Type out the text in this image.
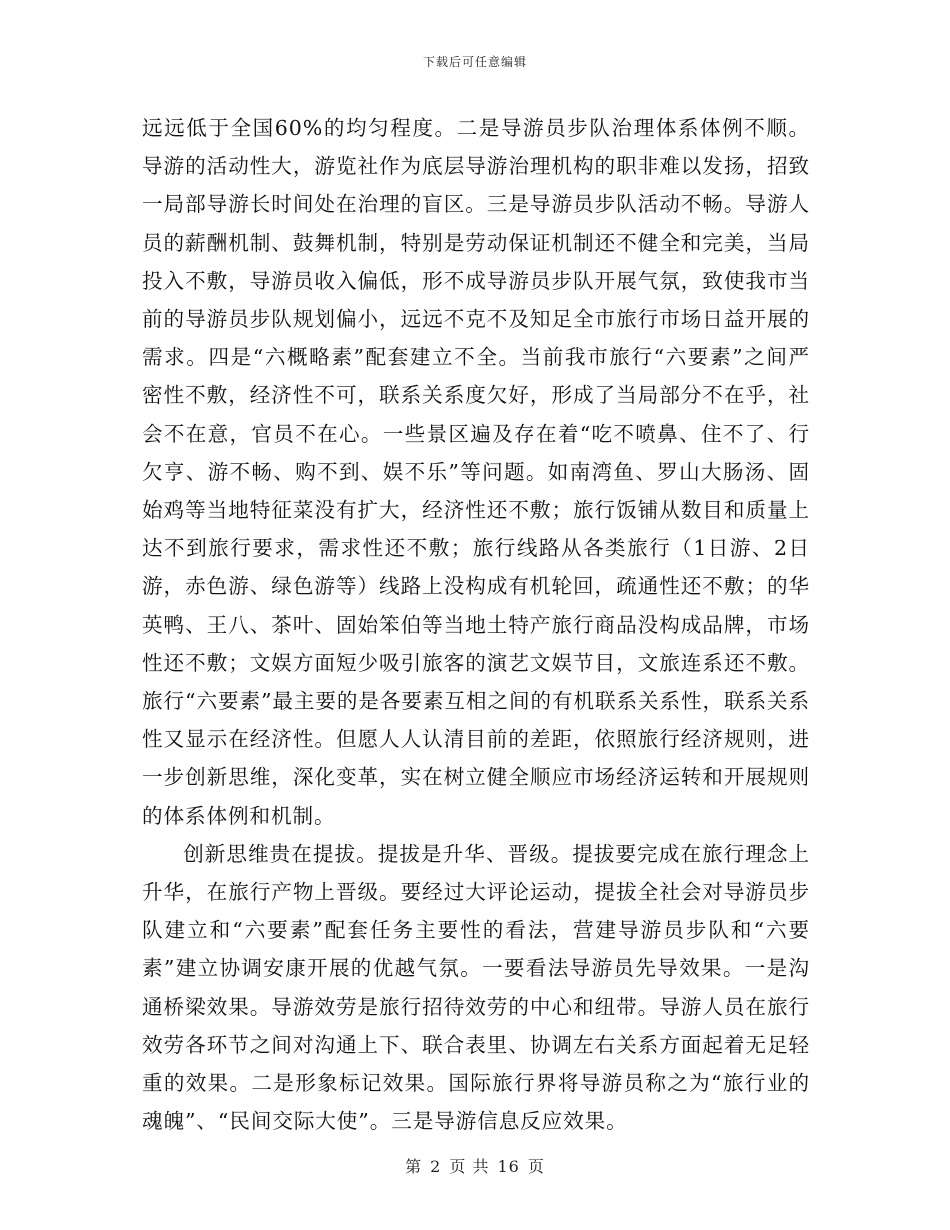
下载后可任意编辑

远远低于全国60%的均匀程度。二是导游员步队治理体系体例不顺。导游的活动性大，游览社作为底层导游治理机构的职非难以发扬，招致一局部导游长时间处在治理的盲区。三是导游员步队活动不畅。导游人员的薪酬机制、鼓舞机制，特别是劳动保证机制还不健全和完美，当局投入不敷，导游员收入偏低，形不成导游员步队开展气氛，致使我市当前的导游员步队规划偏小，远远不克不及知足全市旅行市场日益开展的需求。四是“六概略素”配套建立不全。当前我市旅行“六要素”之间严密性不敷，经济性不可，联系关系度欠好，形成了当局部分不在乎，社会不在意，官员不在心。一些景区遍及存在着“吃不喷鼻、住不了、行欠亨、游不畅、购不到、娱不乐”等问题。如南湾鱼、罗山大肠汤、固始鸡等当地特征菜没有扩大，经济性还不敷；旅行饭铺从数目和质量上达不到旅行要求，需求性还不敷；旅行线路从各类旅行（1日游、2日游，赤色游、绿色游等）线路上没构成有机轮回，疏通性还不敷；的华英鸭、王八、茶叶、固始笨伯等当地土特产旅行商品没构成品牌，市场性还不敷；文娱方面短少吸引旅客的演艺文娱节目，文旅连系还不敷。旅行“六要素”最主要的是各要素互相之间的有机联系关系性，联系关系性又显示在经济性。但愿人人认清目前的差距，依照旅行经济规则，进一步创新思维，深化变革，实在树立健全顺应市场经济运转和开展规则的体系体例和机制。

创新思维贵在提拔。提拔是升华、晋级。提拔要完成在旅行理念上升华，在旅行产物上晋级。要经过大评论运动，提拔全社会对导游员步队建立和“六要素”配套任务主要性的看法，营建导游员步队和“六要素”建立协调安康开展的优越气氛。一要看法导游员先导效果。一是沟通桥梁效果。导游效劳是旅行招待效劳的中心和纽带。导游人员在旅行效劳各环节之间对沟通上下、联合表里、协调左右关系方面起着无足轻重的效果。二是形象标记效果。国际旅行界将导游员称之为“旅行业的魂魄”、“民间交际大使”。三是导游信息反应效果。

第 2 页 共 16 页
